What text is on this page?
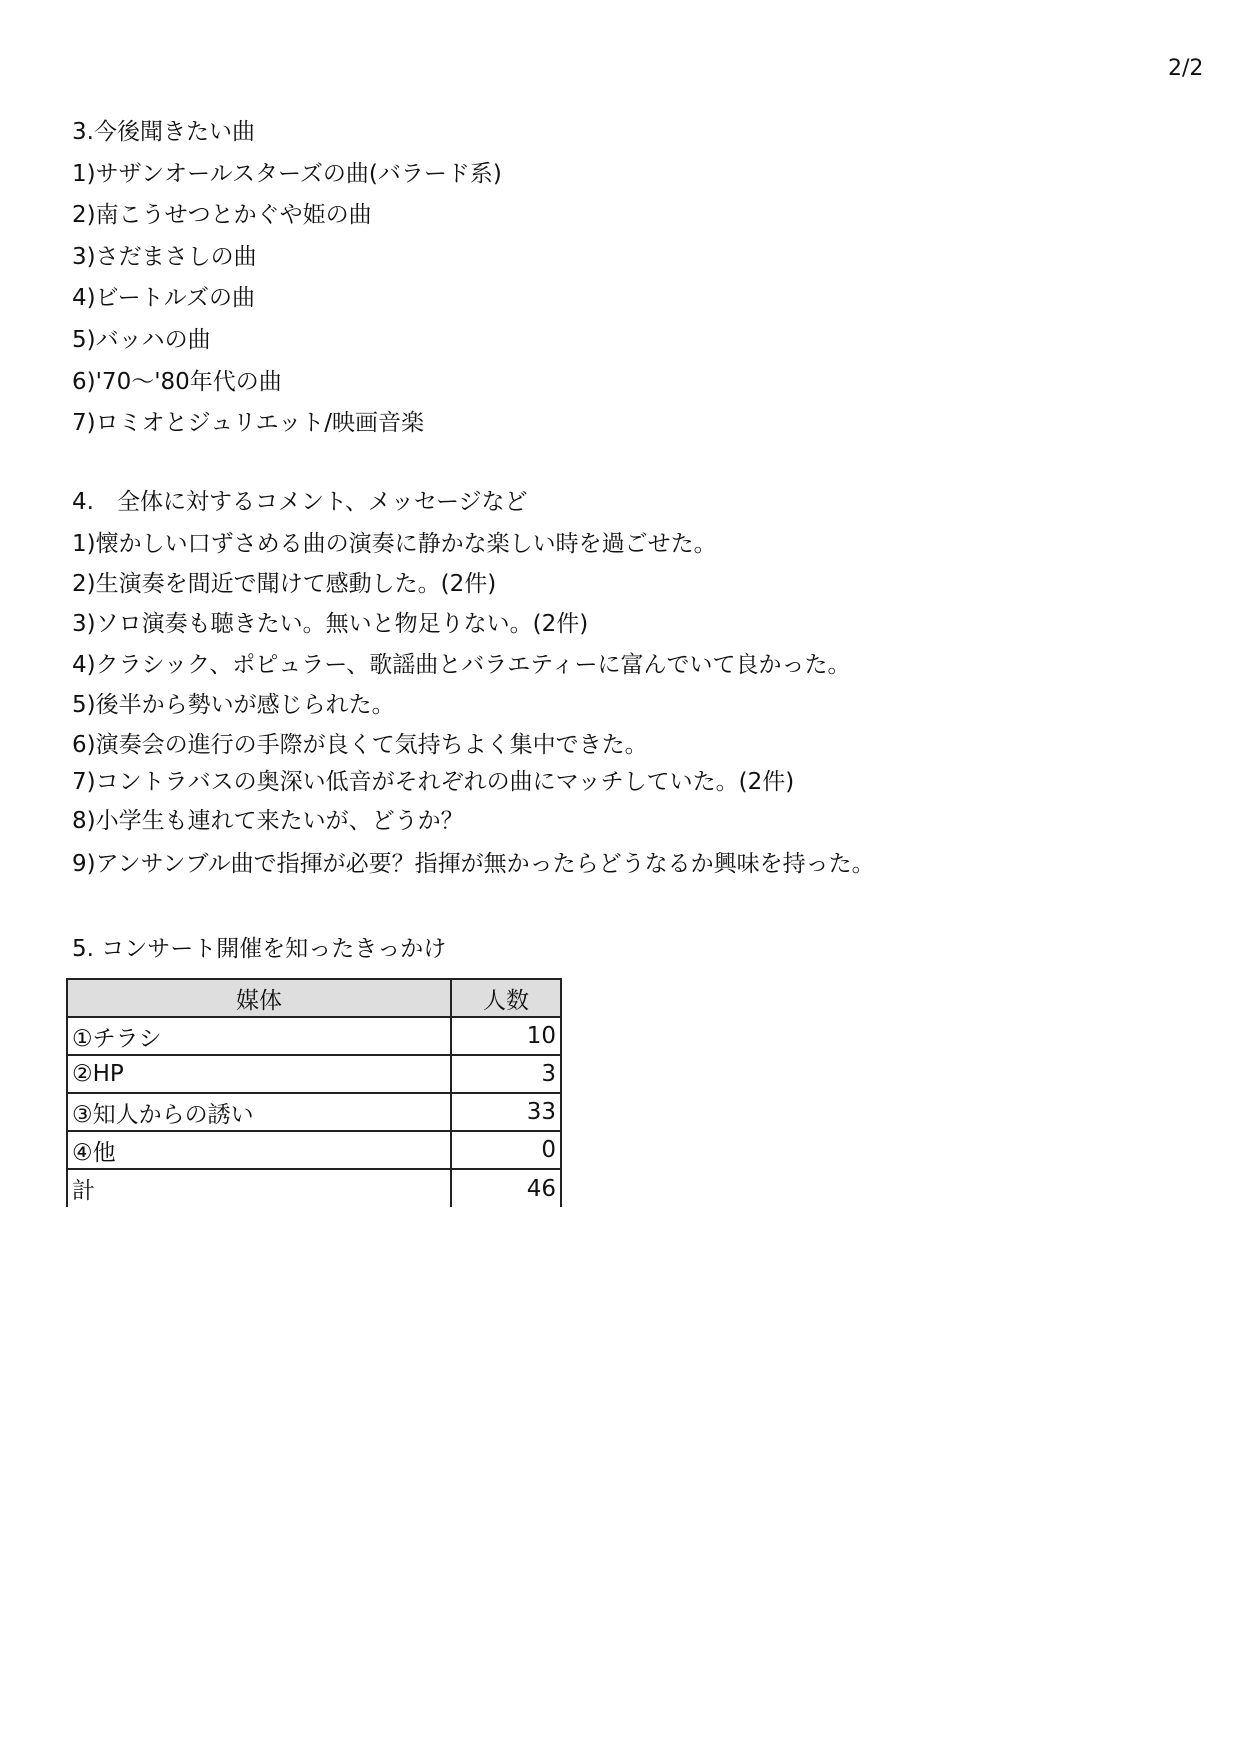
2/2
3.今後聞きたい曲
1)サザンオールスターズの曲(バラード系)
2)南こうせつとかぐや姫の曲
3)さだまさしの曲
4)ビートルズの曲
5)バッハの曲
6)'70～'80年代の曲
7)ロミオとジュリエット/映画音楽
4.　全体に対するコメント、メッセージなど
1)懐かしい口ずさめる曲の演奏に静かな楽しい時を過ごせた。
2)生演奏を間近で聞けて感動した。(2件)
3)ソロ演奏も聴きたい。無いと物足りない。(2件)
4)クラシック、ポピュラー、歌謡曲とバラエティーに富んでいて良かった。
5)後半から勢いが感じられた。
6)演奏会の進行の手際が良くて気持ちよく集中できた。
7)コントラバスの奥深い低音がそれぞれの曲にマッチしていた。(2件)
8)小学生も連れて来たいが、どうか？
9)アンサンブル曲で指揮が必要？指揮が無かったらどうなるか興味を持った。
5. コンサート開催を知ったきっかけ
媒体	人数
①チラシ	10
②HP	3
③知人からの誘い	33
④他	0
計	46
